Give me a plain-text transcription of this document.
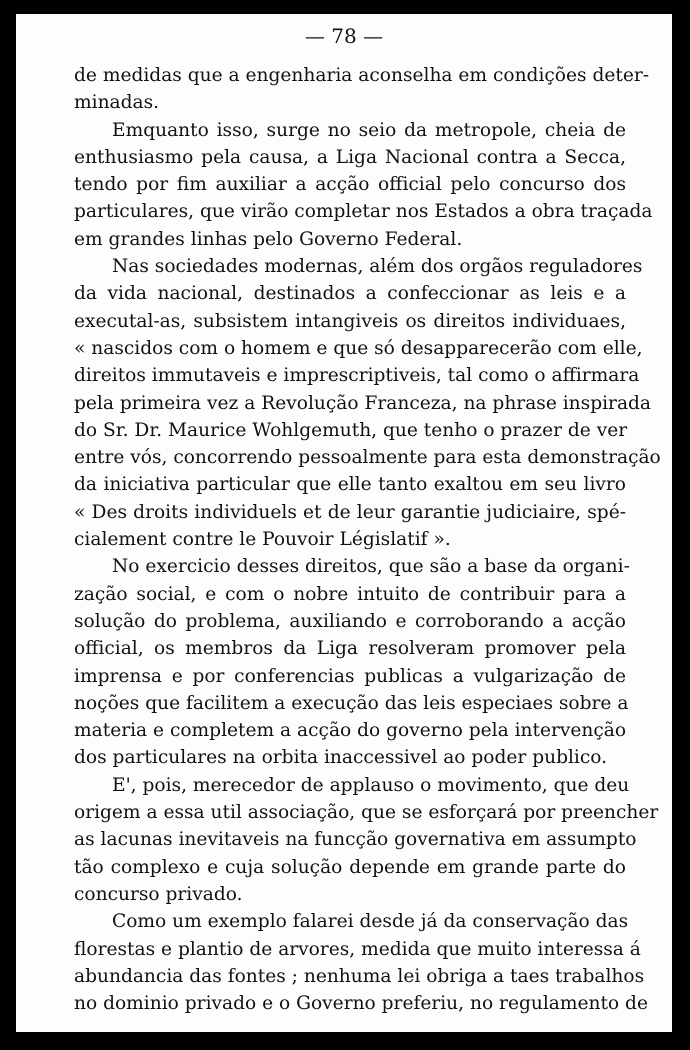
— 78 —
de medidas que a engenharia aconselha em condições deter-
minadas.
Emquanto isso, surge no seio da metropole, cheia de
enthusiasmo pela causa, a Liga Nacional contra a Secca,
tendo por fim auxiliar a acção official pelo concurso dos
particulares, que virão completar nos Estados a obra traçada
em grandes linhas pelo Governo Federal.
Nas sociedades modernas, além dos orgãos reguladores
da vida nacional, destinados a confeccionar as leis e a
executal-as, subsistem intangiveis os direitos individuaes,
« nascidos com o homem e que só desapparecerão com elle,
direitos immutaveis e imprescriptiveis, tal como o affirmara
pela primeira vez a Revolução Franceza, na phrase inspirada
do Sr. Dr. Maurice Wohlgemuth, que tenho o prazer de ver
entre vós, concorrendo pessoalmente para esta demonstração
da iniciativa particular que elle tanto exaltou em seu livro
« Des droits individuels et de leur garantie judiciaire, spé-
cialement contre le Pouvoir Législatif ».
No exercicio desses direitos, que são a base da organi-
zação social, e com o nobre intuito de contribuir para a
solução do problema, auxiliando e corroborando a acção
official, os membros da Liga resolveram promover pela
imprensa e por conferencias publicas a vulgarização de
noções que facilitem a execução das leis especiaes sobre a
materia e completem a acção do governo pela intervenção
dos particulares na orbita inaccessivel ao poder publico.
E', pois, merecedor de applauso o movimento, que deu
origem a essa util associação, que se esforçará por preencher
as lacunas inevitaveis na funcção governativa em assumpto
tão complexo e cuja solução depende em grande parte do
concurso privado.
Como um exemplo falarei desde já da conservação das
florestas e plantio de arvores, medida que muito interessa á
abundancia das fontes ; nenhuma lei obriga a taes trabalhos
no dominio privado e o Governo preferiu, no regulamento de
